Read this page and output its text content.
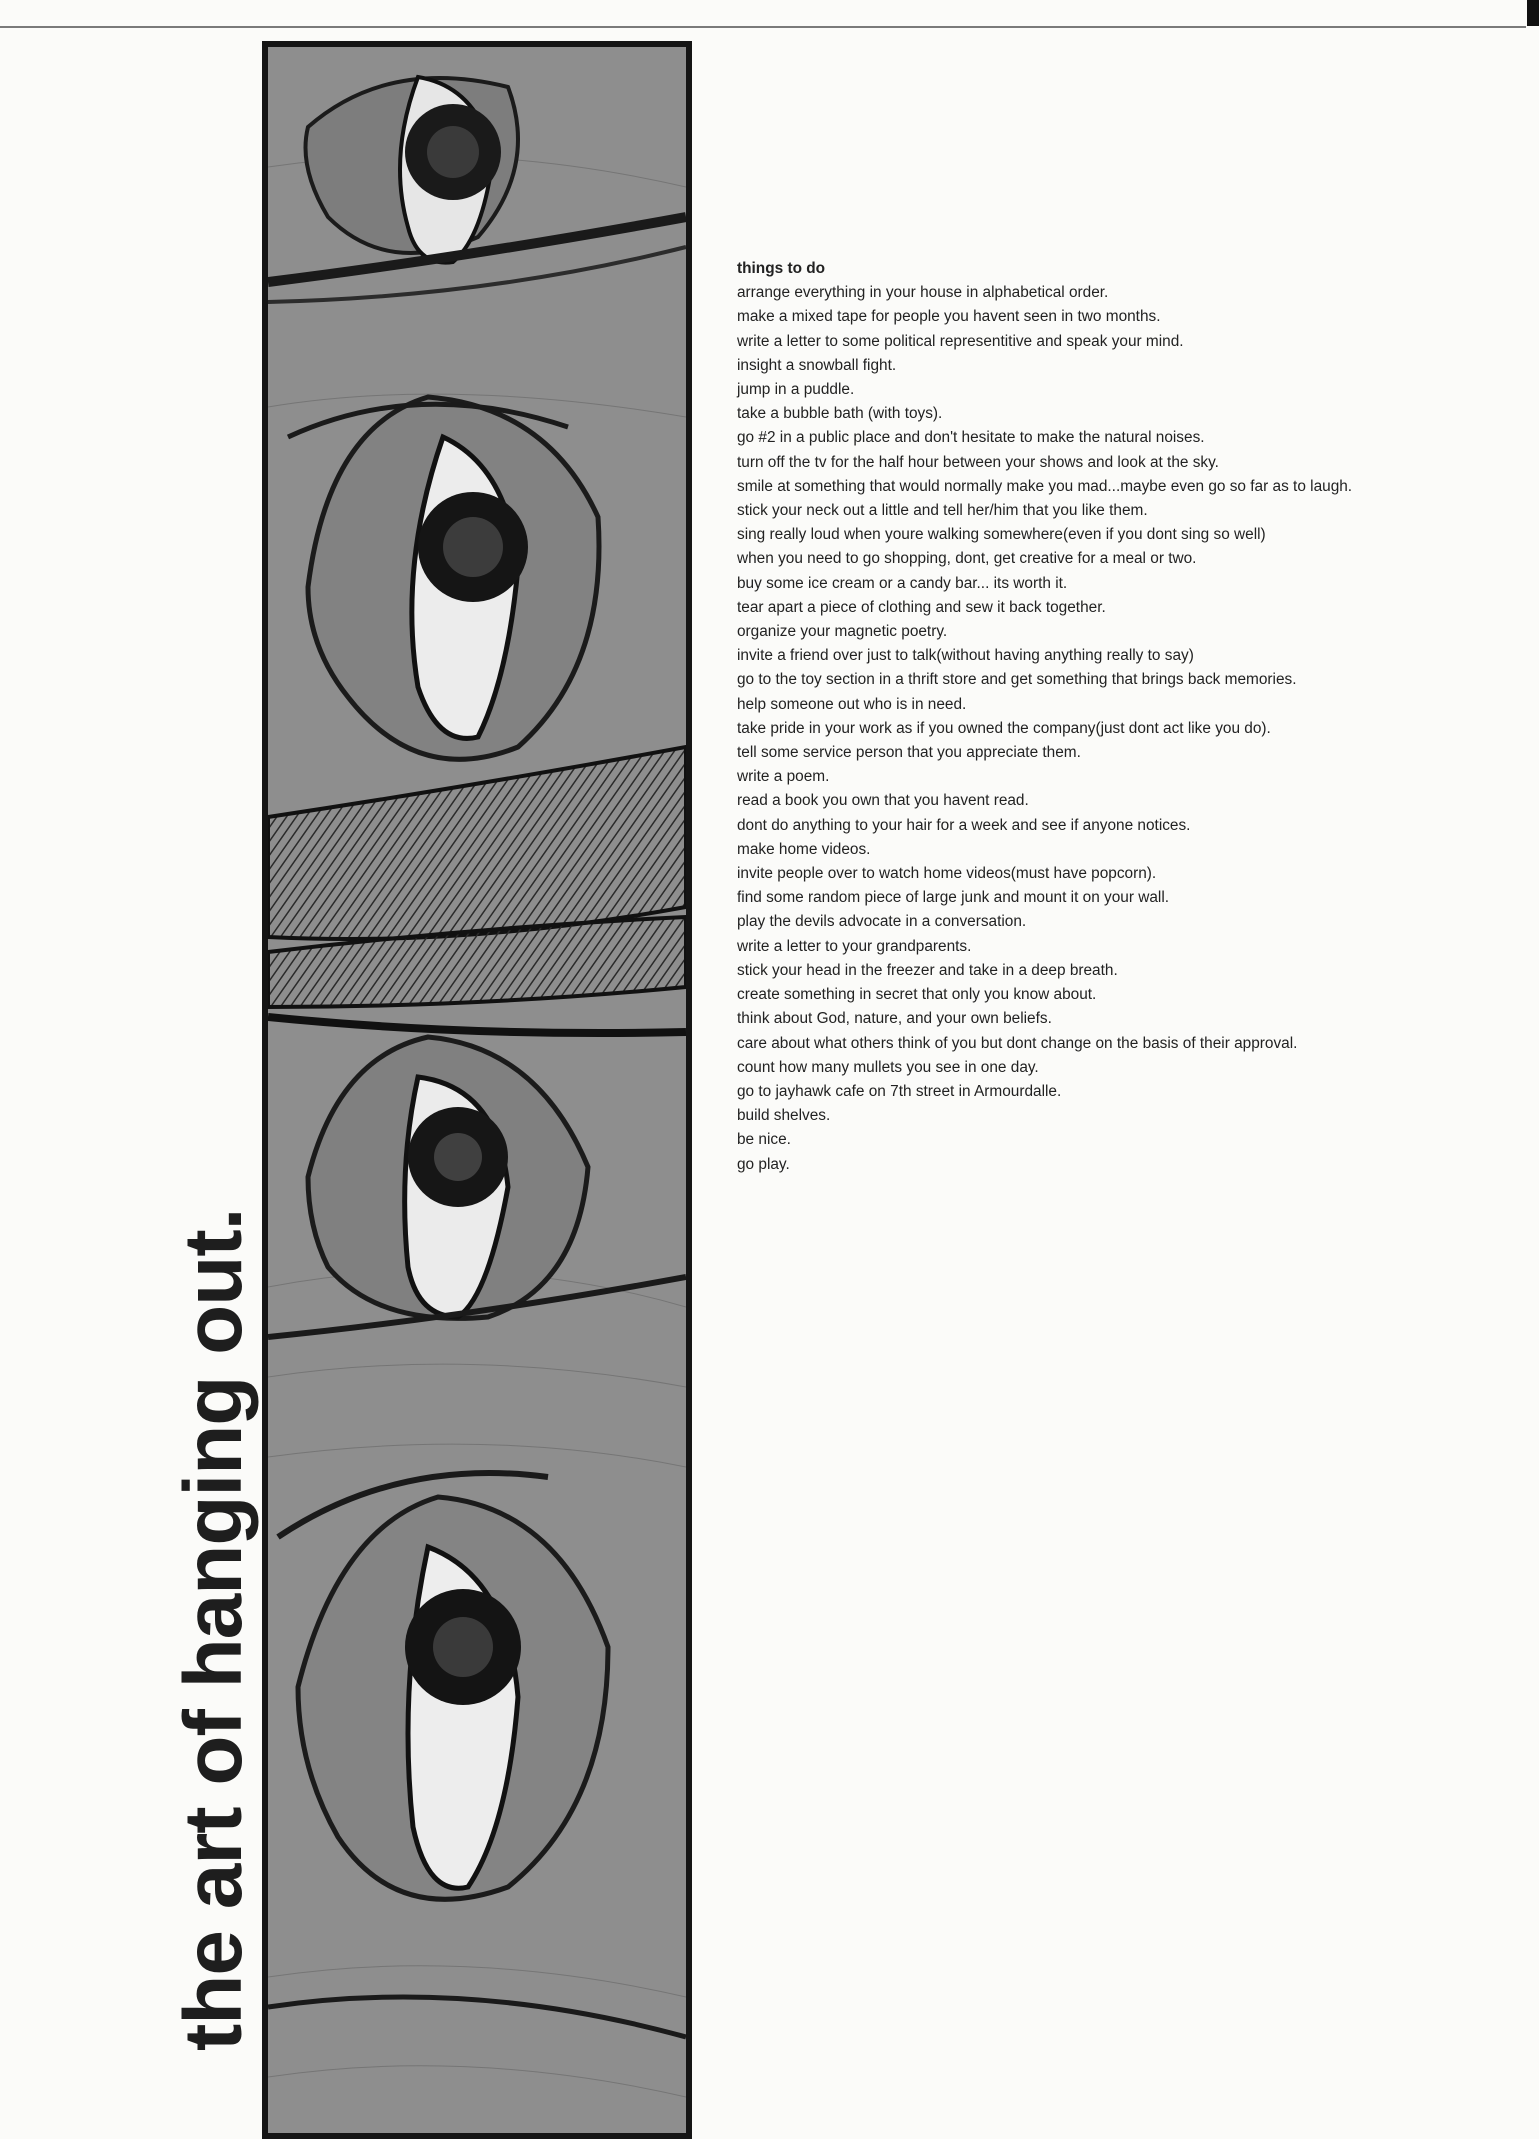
the art of hanging out.
things to do
arrange everything in your house in alphabetical order.
make a mixed tape for people you havent seen in two months.
write a letter to some political representitive and speak your mind.
insight a snowball fight.
jump in a puddle.
take a bubble bath (with toys).
go #2 in a public place and don't hesitate to make the natural noises.
turn off the tv for the half hour between your shows and look at the sky.
smile at something that would normally make you mad...maybe even go so far as to laugh.
stick your neck out a little and tell her/him that you like them.
sing really loud when youre walking somewhere(even if you dont sing so well)
when you need to go shopping, dont, get creative for a meal or two.
buy some ice cream or a candy bar... its worth it.
tear apart a piece of clothing and sew it back together.
organize your magnetic poetry.
invite a friend over just to talk(without having anything really to say)
go to the toy section in a thrift store and get something that brings back memories.
help someone out who is in need.
take pride in your work as if you owned the company(just dont act like you do).
tell some service person that you appreciate them.
write a poem.
read a book you own that you havent read.
dont do anything to your hair for a week and see if anyone notices.
make home videos.
invite people over to watch home videos(must have popcorn).
find some random piece of large junk and mount it on your wall.
play the devils advocate in a conversation.
write a letter to your grandparents.
stick your head in the freezer and take in a deep breath.
create something in secret that only you know about.
think about God, nature, and your own beliefs.
care about what others think of you but dont change on the basis of their approval.
count how many mullets you see in one day.
go to jayhawk cafe on 7th street in Armourdalle.
build shelves.
be nice.
go play.
